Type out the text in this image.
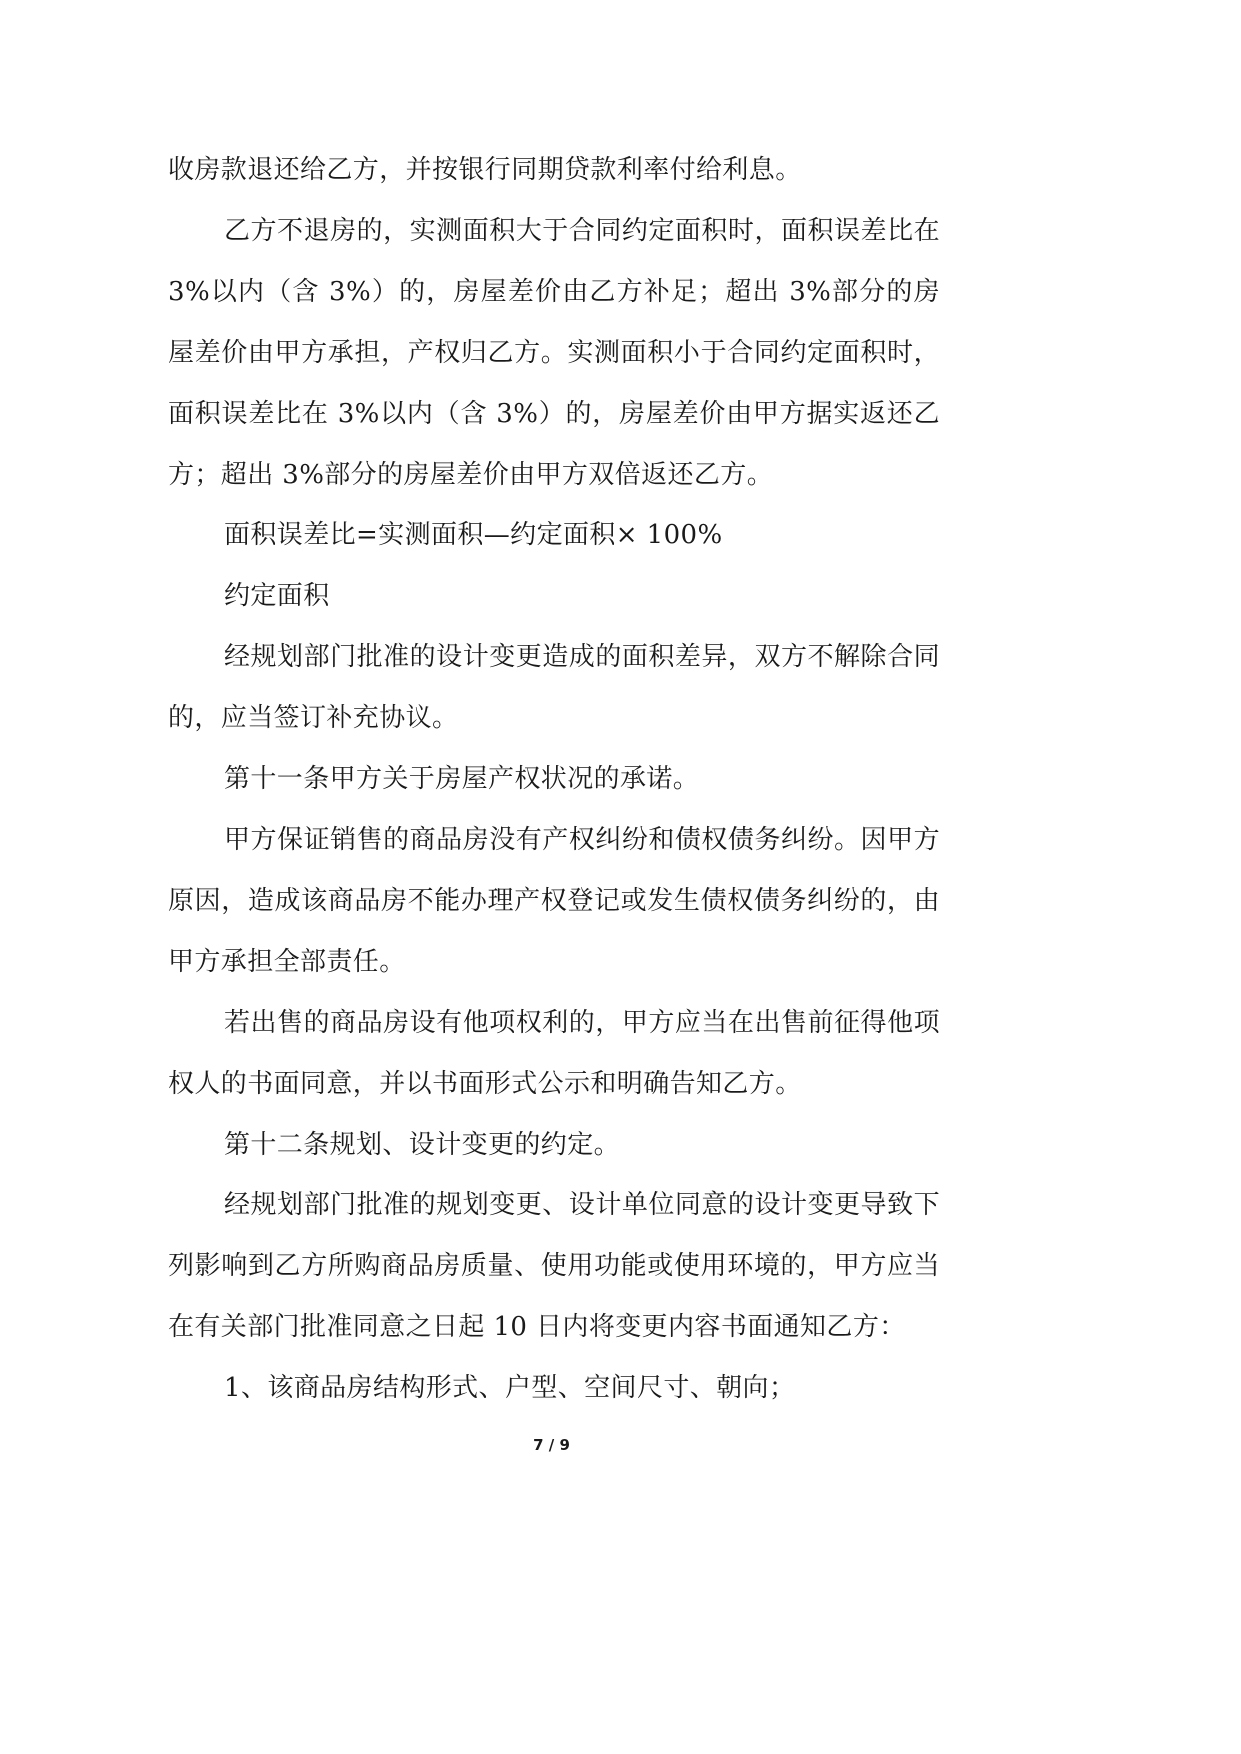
收房款退还给乙方，并按银行同期贷款利率付给利息。

乙方不退房的，实测面积大于合同约定面积时，面积误差比在 3%以内（含 3%）的，房屋差价由乙方补足；超出 3%部分的房屋差价由甲方承担，产权归乙方。实测面积小于合同约定面积时，面积误差比在 3%以内（含 3%）的，房屋差价由甲方据实返还乙方；超出 3%部分的房屋差价由甲方双倍返还乙方。

面积误差比=实测面积—约定面积× 100%

约定面积

经规划部门批准的设计变更造成的面积差异，双方不解除合同的，应当签订补充协议。

第十一条甲方关于房屋产权状况的承诺。

甲方保证销售的商品房没有产权纠纷和债权债务纠纷。因甲方原因，造成该商品房不能办理产权登记或发生债权债务纠纷的，由甲方承担全部责任。

若出售的商品房设有他项权利的，甲方应当在出售前征得他项权人的书面同意，并以书面形式公示和明确告知乙方。

第十二条规划、设计变更的约定。

经规划部门批准的规划变更、设计单位同意的设计变更导致下列影响到乙方所购商品房质量、使用功能或使用环境的，甲方应当在有关部门批准同意之日起 10 日内将变更内容书面通知乙方：

1、该商品房结构形式、户型、空间尺寸、朝向；

7 / 9
